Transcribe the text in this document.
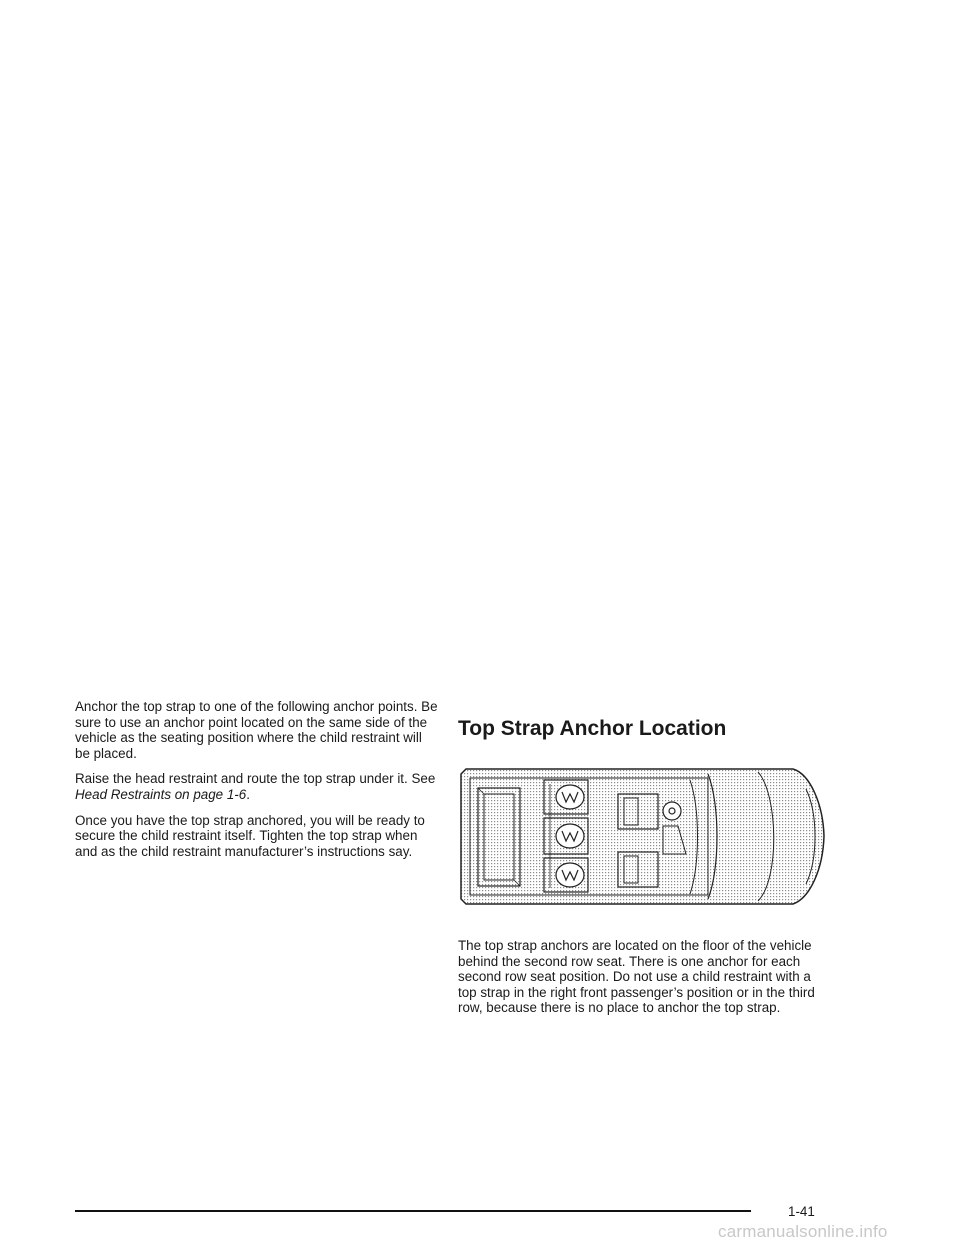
Anchor the top strap to one of the following anchor points. Be sure to use an anchor point located on the same side of the vehicle as the seating position where the child restraint will be placed.

Raise the head restraint and route the top strap under it. See Head Restraints on page 1-6.

Once you have the top strap anchored, you will be ready to secure the child restraint itself. Tighten the top strap when and as the child restraint manufacturer’s instructions say.

Top Strap Anchor Location

The top strap anchors are located on the floor of the vehicle behind the second row seat. There is one anchor for each second row seat position. Do not use a child restraint with a top strap in the right front passenger’s position or in the third row, because there is no place to anchor the top strap.

1-41
carmanualsonline.info
